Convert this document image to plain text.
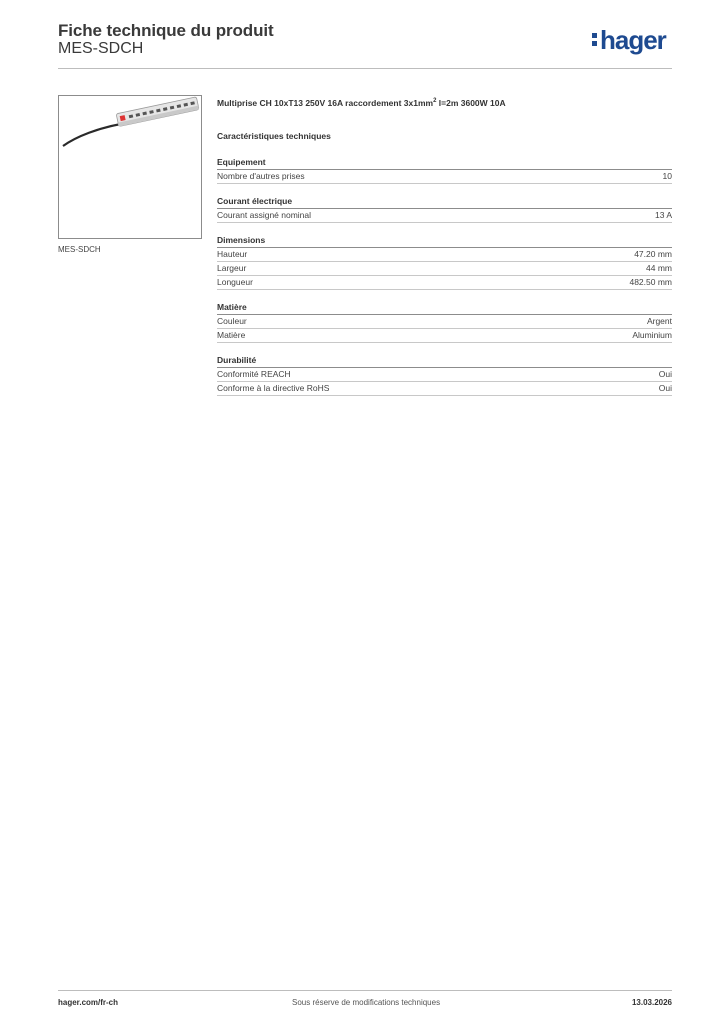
Fiche technique du produit
MES-SDCH	hager
MES-SDCH
Multiprise CH 10xT13 250V 16A raccordement $3x1mm^2$ l=2m 3600W 10A
Caractéristiques techniques
Equipement
Nombre d'autres prises	10
Courant électrique
Courant assigné nominal	13 A
Dimensions
Hauteur	47.20 mm
Largeur	44 mm
Longueur	482.50 mm
Matière
Couleur	Argent
Matière	Aluminium
Durabilité
Conformité REACH	Oui
Conforme à la directive RoHS	Oui
hager.com/fr-ch	Sous réserve de modifications techniques	13.03.2026
